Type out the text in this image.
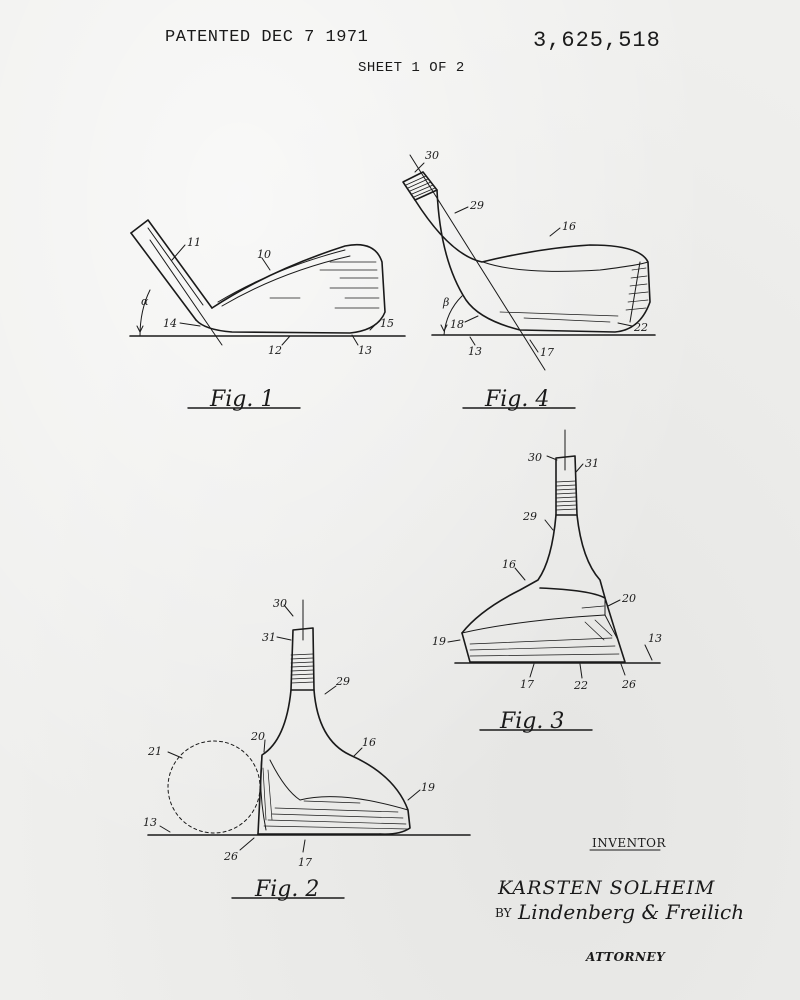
PATENTED DEC 7 1971	3,625,518
SHEET 1 OF 2
Fig. 1	Fig. 4
Fig. 3
Fig. 2
11
10
α
14
12	13
15
30
29
16
β
18
13	17
22
30	31
29
16
20
19	13
17	22	26
30
31
29
20
21
16
19
13
26	17
INVENTOR
KARSTEN SOLHEIM
BY Lindenberg & Freilich
ATTORNEY
